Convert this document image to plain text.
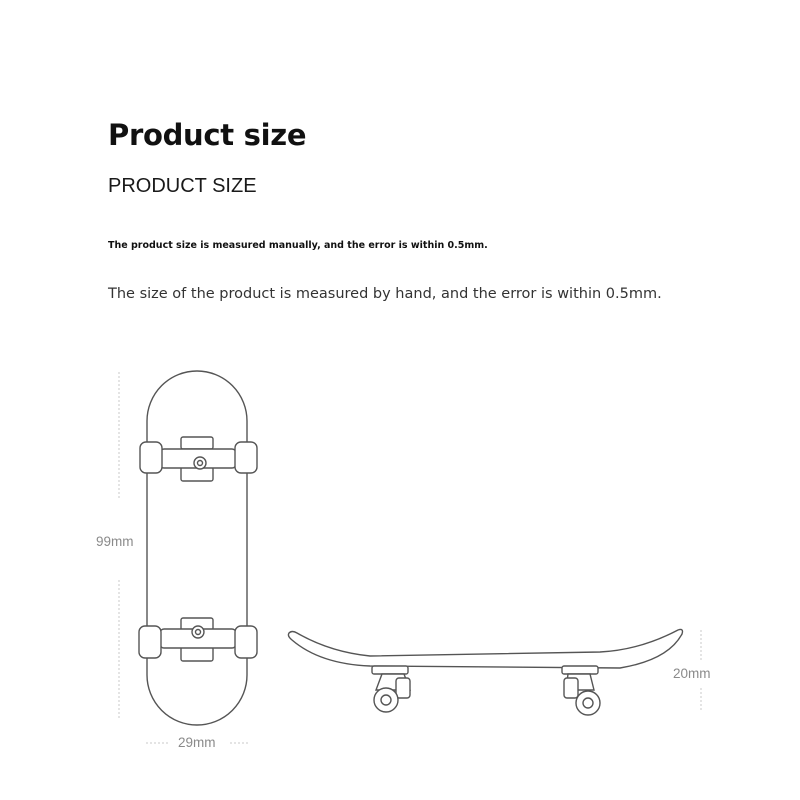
Product size
PRODUCT SIZE
The product size is measured manually, and the error is within 0.5mm.
The size of the product is measured by hand, and the error is within 0.5mm.
99mm
29mm
20mm
